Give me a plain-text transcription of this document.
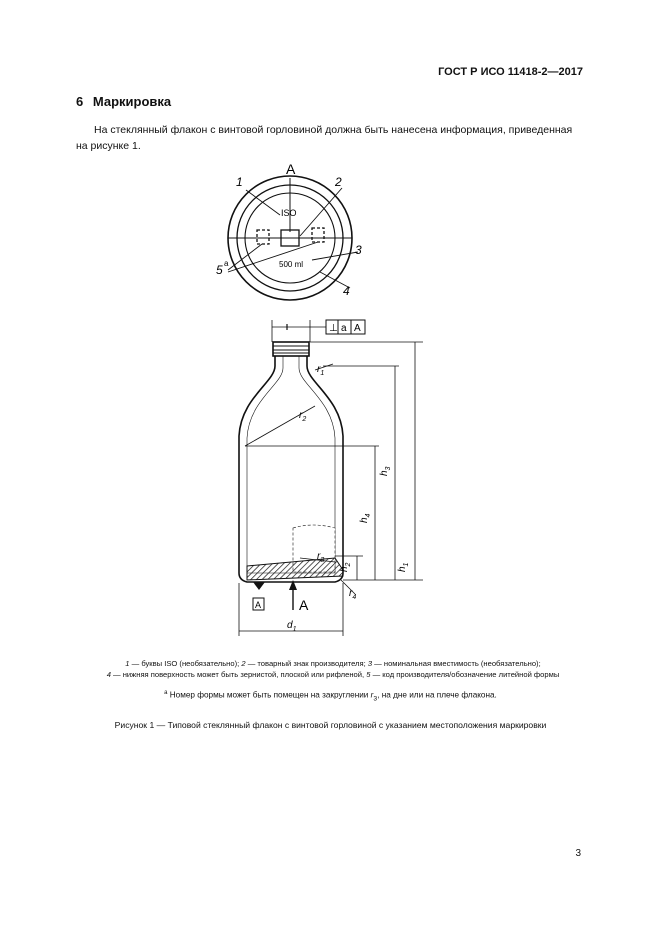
ГОСТ Р ИСО 11418-2—2017
6 Маркировка
На стеклянный флакон с винтовой горловиной должна быть нанесена информация, приведенная на рисунке 1.
А
ISO
500 ml
1	2
3
4
5 a
⊥ a A
A	А
$r_2$
$r_1$
$r_3$
$r_4$
$h_1$
$h_2$
$h_3$
$h_4$
$d_1$
1 — буквы ISO (необязательно); 2 — товарный знак производителя; 3 — номинальная вместимость (необязательно);
4 — нижняя поверхность может быть зернистой, плоской или рифленой, 5 — код производителя/обозначение литейной формы
$^a$ Номер формы может быть помещен на закруглении $r_3$, на дне или на плече флакона.
Рисунок 1 — Типовой стеклянный флакон с винтовой горловиной с указанием местоположения маркировки
3
